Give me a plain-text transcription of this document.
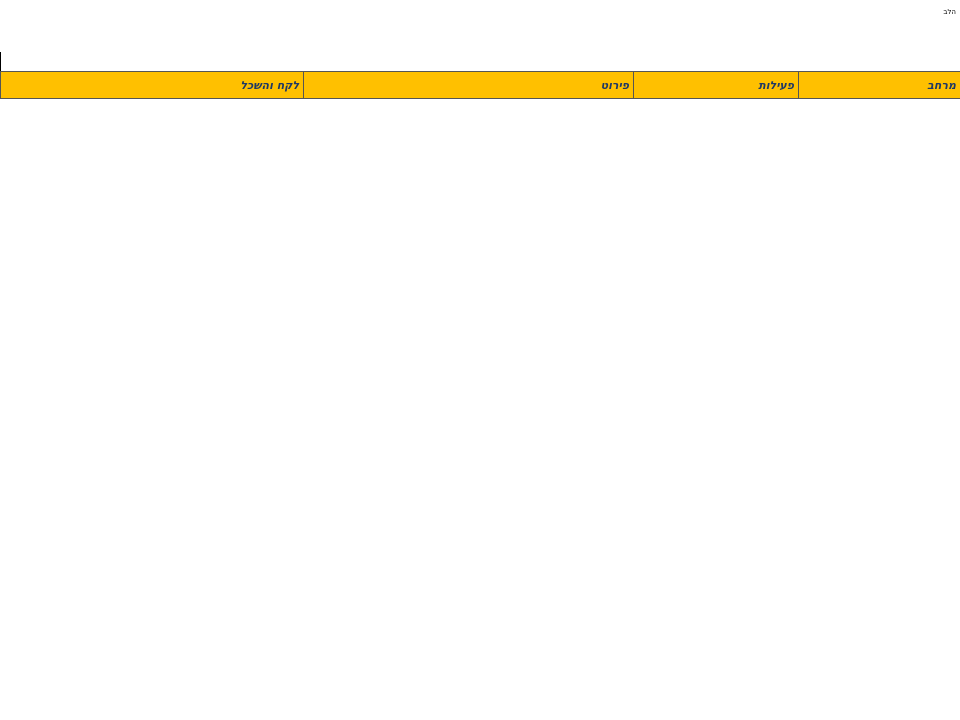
הלב
מרחב	פעילות	פירוט	לקח והשכל
